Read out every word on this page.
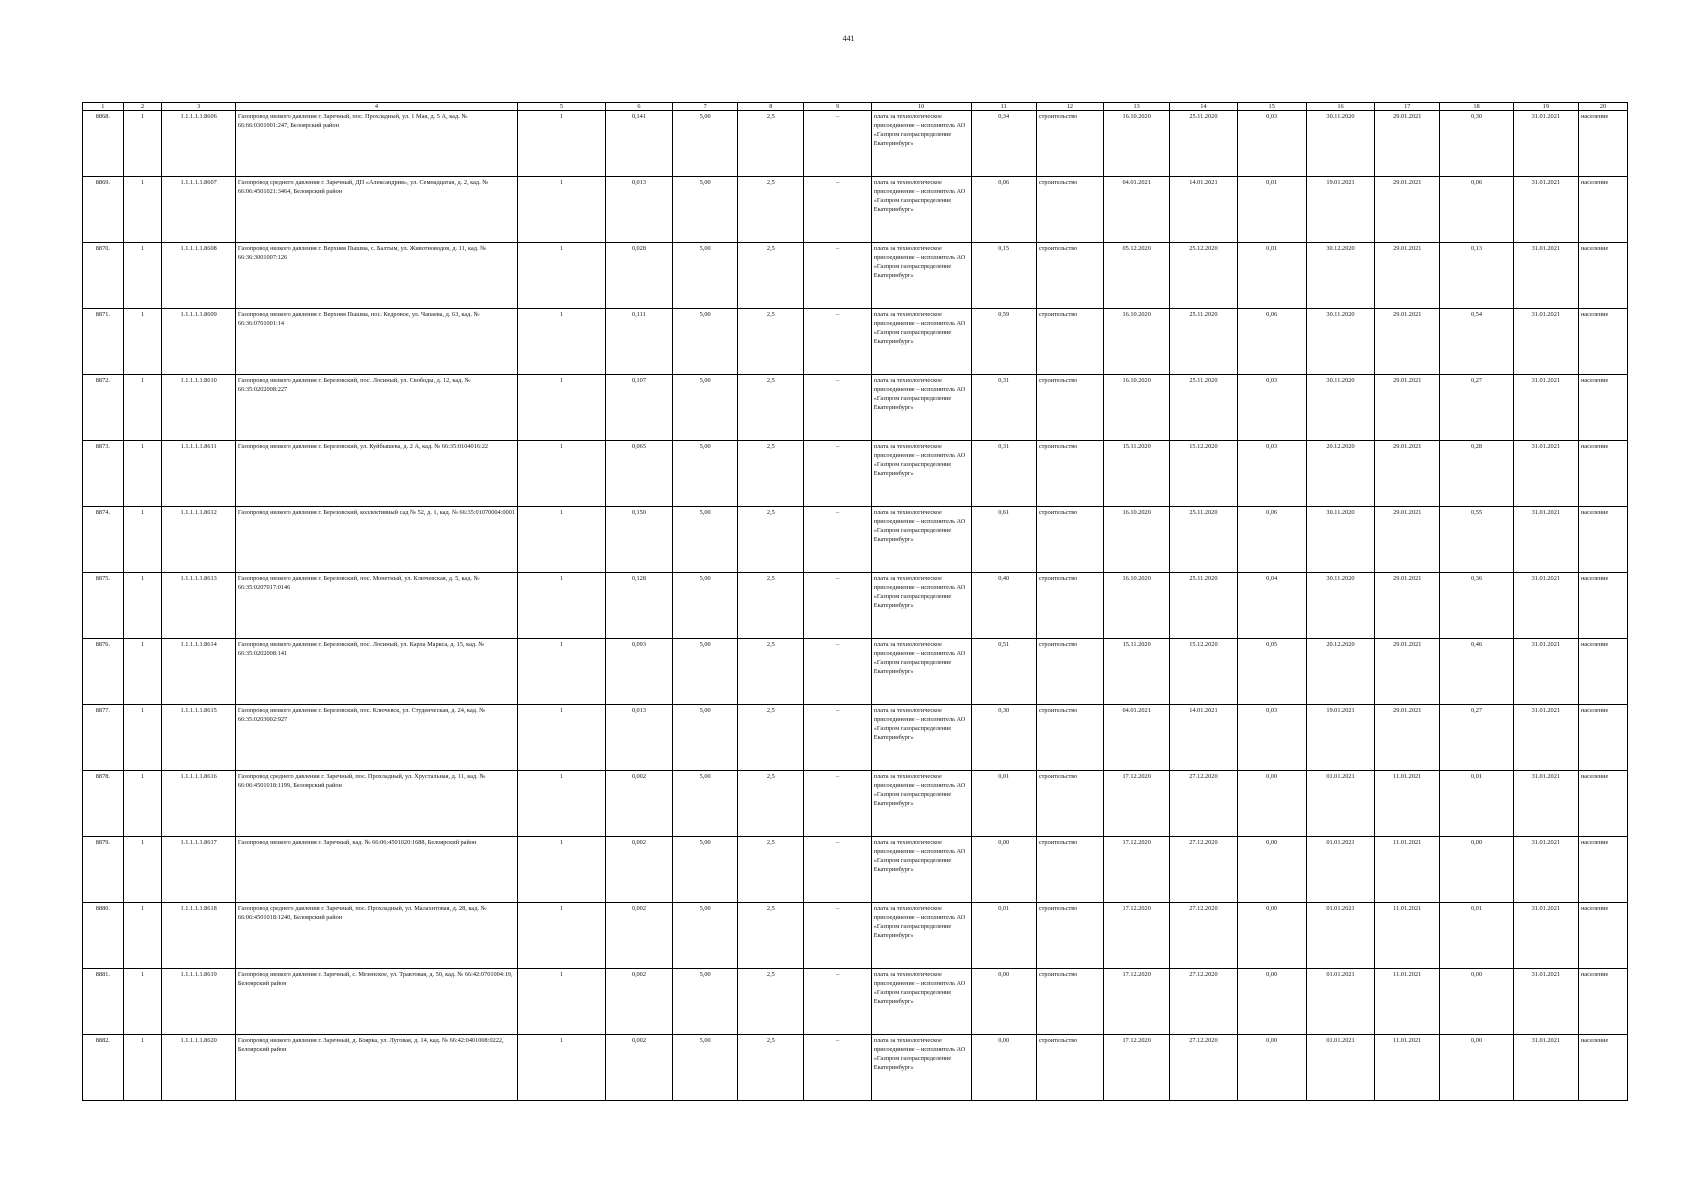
441
1	2	3	4	5	6	7	8	9	10	11	12	13	14	15	16	17	18	19	20
8868.	1	1.1.1.1.1.8606	Газопровод низкого давления г. Заречный, пос. Прохладный, ул. 1 Мая, д. 5 А, кад. № 66:66:0301001:247, Белоярский район	1	0,141	5,00	2,5	–	плата за технологическое присоединение – исполнитель АО «Газпром газораспределение Екатеринбург»	0,34	строительство	16.10.2020	25.11.2020	0,03	30.11.2020	29.01.2021	0,30	31.01.2021	население
8869.	1	1.1.1.1.1.8607	Газопровод среднего давления г. Заречный, ДП «Александрия», ул. Семнадцатая, д. 2, кад. № 66:06:4501021:3464, Белоярский район	1	0,013	5,00	2,5	–	плата за технологическое присоединение – исполнитель АО «Газпром газораспределение Екатеринбург»	0,06	строительство	04.01.2021	14.01.2021	0,01	19.01.2021	29.01.2021	0,06	31.01.2021	население
8870.	1	1.1.1.1.1.8608	Газопровод низкого давления г. Верхняя Пышма, с. Балтым, ул. Животноводов, д. 11, кад. № 66:36:3001007:126	1	0,028	5,00	2,5	–	плата за технологическое присоединение – исполнитель АО «Газпром газораспределение Екатеринбург»	0,15	строительство	05.12.2020	25.12.2020	0,01	30.12.2020	29.01.2021	0,13	31.01.2021	население
8871.	1	1.1.1.1.1.8609	Газопровод низкого давления г. Верхняя Пышма, пос. Кедровое, ул. Чапаева, д. 63, кад. № 66:36:0701001:14	1	0,111	5,00	2,5	–	плата за технологическое присоединение – исполнитель АО «Газпром газораспределение Екатеринбург»	0,59	строительство	16.10.2020	25.11.2020	0,06	30.11.2020	29.01.2021	0,54	31.01.2021	население
8872.	1	1.1.1.1.1.8610	Газопровод низкого давления г. Березовский, пос. Лосиный, ул. Свободы, д. 12, кад. № 66:35:0202008:227	1	0,107	5,00	2,5	–	плата за технологическое присоединение – исполнитель АО «Газпром газораспределение Екатеринбург»	0,31	строительство	16.10.2020	25.11.2020	0,03	30.11.2020	29.01.2021	0,27	31.01.2021	население
8873.	1	1.1.1.1.1.8611	Газопровод низкого давления г. Березовский, ул. Куйбышева, д. 2 А, кад. № 66:35:0104016:22	1	0,065	5,00	2,5	–	плата за технологическое присоединение – исполнитель АО «Газпром газораспределение Екатеринбург»	0,31	строительство	15.11.2020	15.12.2020	0,03	20.12.2020	29.01.2021	0,28	31.01.2021	население
8874.	1	1.1.1.1.1.8612	Газопровод низкого давления г. Березовский, коллективный сад № 52, д. 1, кад. № 66:35:01070004:0001	1	0,150	5,00	2,5	–	плата за технологическое присоединение – исполнитель АО «Газпром газораспределение Екатеринбург»	0,61	строительство	16.10.2020	25.11.2020	0,06	30.11.2020	29.01.2021	0,55	31.01.2021	население
8875.	1	1.1.1.1.1.8613	Газопровод низкого давления г. Березовский, пос. Монетный, ул. Ключевская, д. 5, кад. № 66:35:0207017:0146	1	0,128	5,00	2,5	–	плата за технологическое присоединение – исполнитель АО «Газпром газораспределение Екатеринбург»	0,40	строительство	16.10.2020	25.11.2020	0,04	30.11.2020	29.01.2021	0,36	31.01.2021	население
8876.	1	1.1.1.1.1.8614	Газопровод низкого давления г. Березовский, пос. Лосиный, ул. Карла Маркса, д. 15, кад. № 66:35:0202008:141	1	0,093	5,00	2,5	–	плата за технологическое присоединение – исполнитель АО «Газпром газораспределение Екатеринбург»	0,51	строительство	15.11.2020	15.12.2020	0,05	20.12.2020	29.01.2021	0,46	31.01.2021	население
8877.	1	1.1.1.1.1.8615	Газопровод низкого давления г. Березовский, пос. Ключевск, ул. Студенческая, д. 24, кад. № 66:35:0203002:927	1	0,013	5,00	2,5	–	плата за технологическое присоединение – исполнитель АО «Газпром газораспределение Екатеринбург»	0,30	строительство	04.01.2021	14.01.2021	0,03	19.01.2021	29.01.2021	0,27	31.01.2021	население
8878.	1	1.1.1.1.1.8616	Газопровод среднего давления г. Заречный, пос. Прохладный, ул. Хрустальная, д. 11, кад. № 66:06:4501018:1199, Белоярский район	1	0,002	5,00	2,5	–	плата за технологическое присоединение – исполнитель АО «Газпром газораспределение Екатеринбург»	0,01	строительство	17.12.2020	27.12.2020	0,00	01.01.2021	11.01.2021	0,01	31.01.2021	население
8879.	1	1.1.1.1.1.8617	Газопровод низкого давления г. Заречный, кад. № 66:06:4501020:1688, Белоярский район	1	0,002	5,00	2,5	–	плата за технологическое присоединение – исполнитель АО «Газпром газораспределение Екатеринбург»	0,00	строительство	17.12.2020	27.12.2020	0,00	01.01.2021	11.01.2021	0,00	31.01.2021	население
8880.	1	1.1.1.1.1.8618	Газопровод среднего давления г. Заречный, пос. Прохладный, ул. Малахитовая, д. 28, кад. № 66:06:4501018:1240, Белоярский район	1	0,002	5,00	2,5	–	плата за технологическое присоединение – исполнитель АО «Газпром газораспределение Екатеринбург»	0,01	строительство	17.12.2020	27.12.2020	0,00	01.01.2021	11.01.2021	0,01	31.01.2021	население
8881.	1	1.1.1.1.1.8619	Газопровод низкого давления г. Заречный, с. Мезенское, ул. Трактовая, д. 50, кад. № 66:42:0701004:19, Белоярский район	1	0,002	5,00	2,5	–	плата за технологическое присоединение – исполнитель АО «Газпром газораспределение Екатеринбург»	0,00	строительство	17.12.2020	27.12.2020	0,00	01.01.2021	11.01.2021	0,00	31.01.2021	население
8882.	1	1.1.1.1.1.8620	Газопровод низкого давления г. Заречный, д. Боярка, ул. Луговая, д. 14, кад. № 66:42:0401008:0222, Белоярский район	1	0,002	5,00	2,5	–	плата за технологическое присоединение – исполнитель АО «Газпром газораспределение Екатеринбург»	0,00	строительство	17.12.2020	27.12.2020	0,00	01.01.2021	11.01.2021	0,00	31.01.2021	население
